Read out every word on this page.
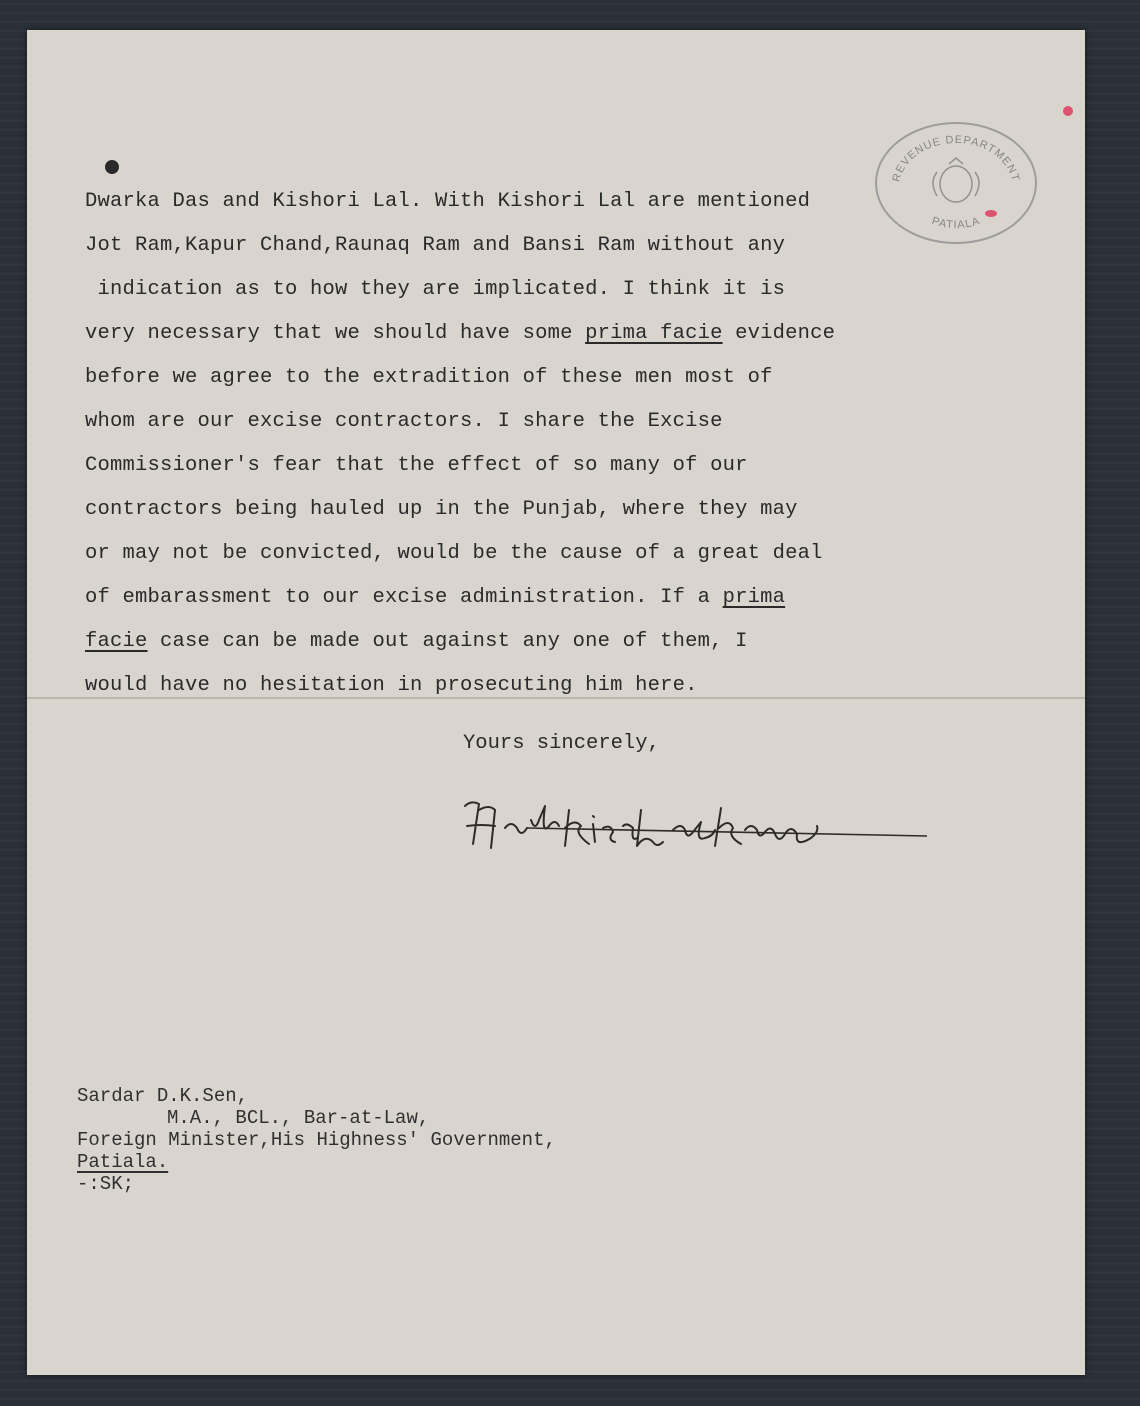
REVENUE DEPARTMENT
PATIALA
Dwarka Das and Kishori Lal. With Kishori Lal are mentioned
Jot Ram,Kapur Chand,Raunaq Ram and Bansi Ram without any
indication as to how they are implicated. I think it is
very necessary that we should have some prima facie evidence
before we agree to the extradition of these men most of
whom are our excise contractors. I share the Excise
Commissioner's fear that the effect of so many of our
contractors being hauled up in the Punjab, where they may
or may not be convicted, would be the cause of a great deal
of embarassment to our excise administration. If a prima
facie case can be made out against any one of them, I
would have no hesitation in prosecuting him here.
Yours sincerely,
Harkishan Lal Kaul
Sardar D.K.Sen,
M.A., BCL., Bar-at-Law,
Foreign Minister,His Highness' Government,
Patiala.
-:SK;
